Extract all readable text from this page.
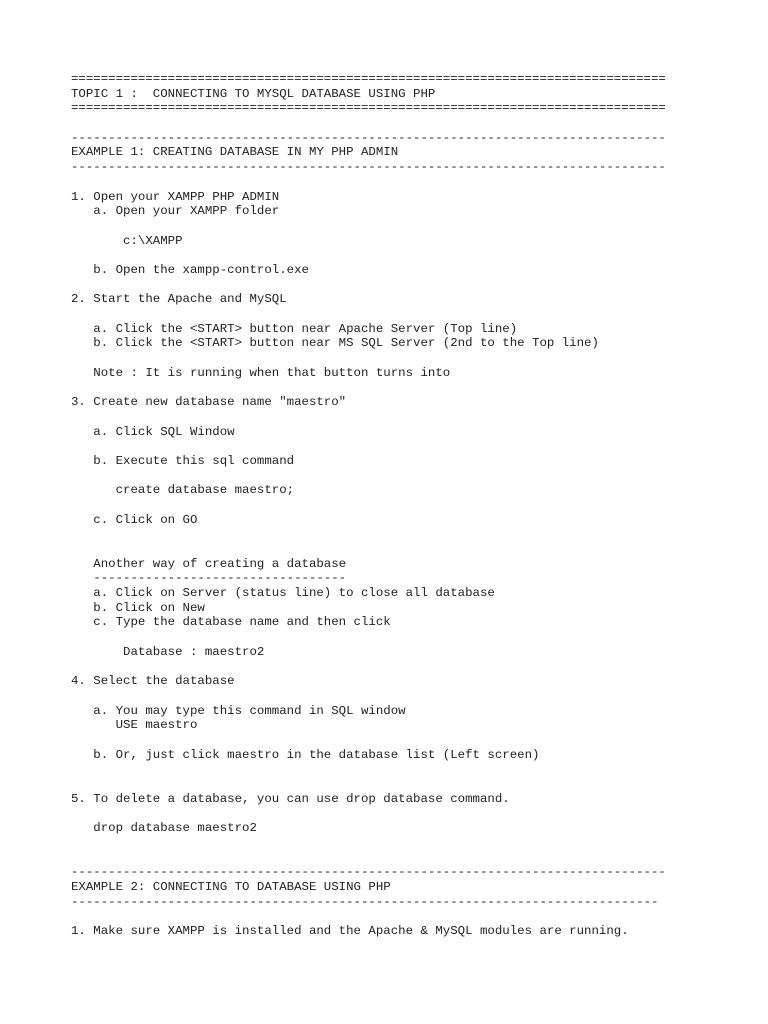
================================================================================
TOPIC 1 :  CONNECTING TO MYSQL DATABASE USING PHP
================================================================================
--------------------------------------------------------------------------------
EXAMPLE 1: CREATING DATABASE IN MY PHP ADMIN
--------------------------------------------------------------------------------
1. Open your XAMPP PHP ADMIN
a. Open your XAMPP folder
c:\XAMPP
b. Open the xampp-control.exe
2. Start the Apache and MySQL
a. Click the <START> button near Apache Server (Top line)
b. Click the <START> button near MS SQL Server (2nd to the Top line)
Note : It is running when that button turns into
3. Create new database name "maestro"
a. Click SQL Window
b. Execute this sql command
create database maestro;
c. Click on GO
Another way of creating a database
----------------------------------
a. Click on Server (status line) to close all database
b. Click on New
c. Type the database name and then click
Database : maestro2
4. Select the database
a. You may type this command in SQL window
USE maestro
b. Or, just click maestro in the database list (Left screen)
5. To delete a database, you can use drop database command.
drop database maestro2
--------------------------------------------------------------------------------
EXAMPLE 2: CONNECTING TO DATABASE USING PHP
-------------------------------------------------------------------------------
1. Make sure XAMPP is installed and the Apache & MySQL modules are running.
